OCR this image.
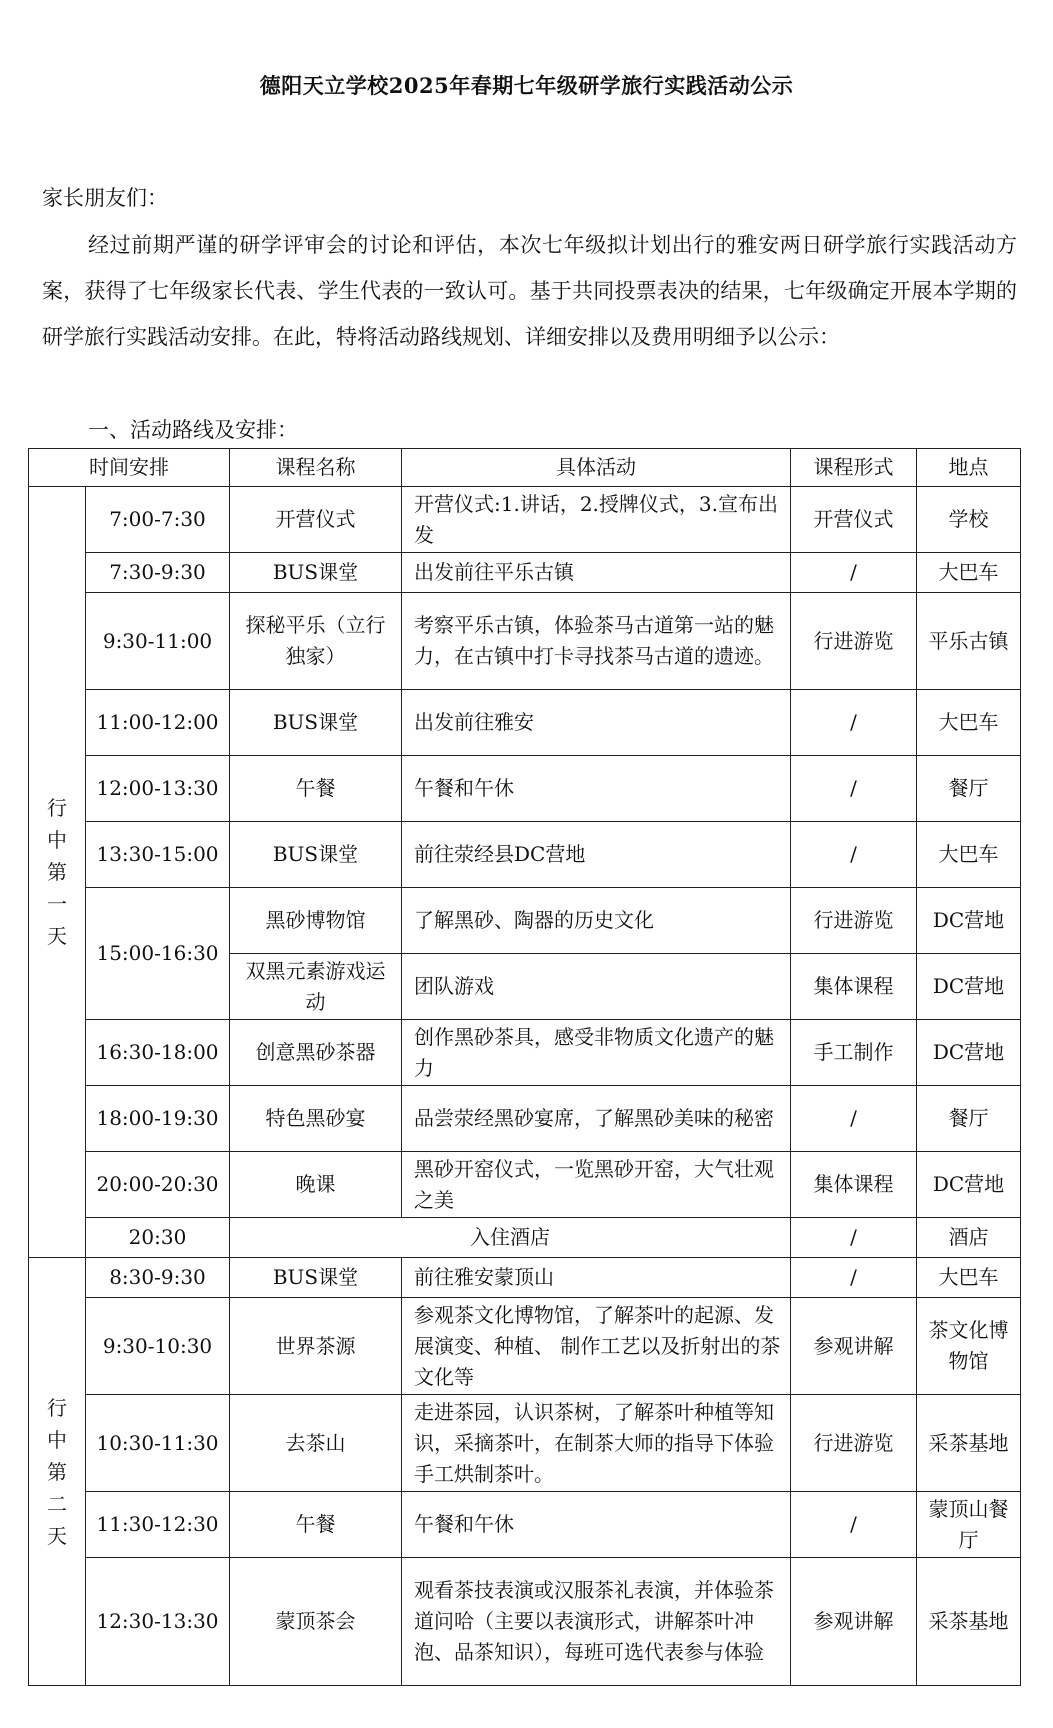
德阳天立学校2025年春期七年级研学旅行实践活动公示
家长朋友们：
经过前期严谨的研学评审会的讨论和评估，本次七年级拟计划出行的雅安两日研学旅行实践活动方案，获得了七年级家长代表、学生代表的一致认可。基于共同投票表决的结果，七年级确定开展本学期的研学旅行实践活动安排。在此，特将活动路线规划、详细安排以及费用明细予以公示：
一、活动路线及安排：
时间安排		课程名称	具体活动	课程形式	地点

行
中
第
一
天	7:00-7:30	开营仪式	开营仪式:1.讲话，2.授牌仪式，3.宣布出发	开营仪式	学校
	7:30-9:30	BUS课堂	出发前往平乐古镇	/	大巴车
	9:30-11:00	探秘平乐（立行独家）	考察平乐古镇，体验茶马古道第一站的魅力，在古镇中打卡寻找茶马古道的遗迹。	行进游览	平乐古镇
	11:00-12:00	BUS课堂	出发前往雅安	/	大巴车
	12:00-13:30	午餐	午餐和午休	/	餐厅
	13:30-15:00	BUS课堂	前往荥经县DC营地	/	大巴车
	15:00-16:30	黑砂博物馆	了解黑砂、陶器的历史文化	行进游览	DC营地
		双黑元素游戏运动	团队游戏	集体课程	DC营地
	16:30-18:00	创意黑砂茶器	创作黑砂茶具，感受非物质文化遗产的魅力	手工制作	DC营地
	18:00-19:30	特色黑砂宴	品尝荥经黑砂宴席，了解黑砂美味的秘密	/	餐厅
	20:00-20:30	晚课	黑砂开窑仪式，一览黑砂开窑，大气壮观之美	集体课程	DC营地
	20:30	入住酒店		/	酒店

行
中
第
二
天	8:30-9:30	BUS课堂	前往雅安蒙顶山	/	大巴车
	9:30-10:30	世界茶源	参观茶文化博物馆，了解茶叶的起源、发展演变、种植、 制作工艺以及折射出的茶文化等	参观讲解	茶文化博物馆
	10:30-11:30	去茶山	走进茶园，认识茶树，了解茶叶种植等知识，采摘茶叶，在制茶大师的指导下体验手工烘制茶叶。	行进游览	采茶基地
	11:30-12:30	午餐	午餐和午休	/	蒙顶山餐厅
	12:30-13:30	蒙顶茶会	观看茶技表演或汉服茶礼表演，并体验茶道问哈（主要以表演形式，讲解茶叶冲泡、品茶知识），每班可选代表参与体验	参观讲解	采茶基地
